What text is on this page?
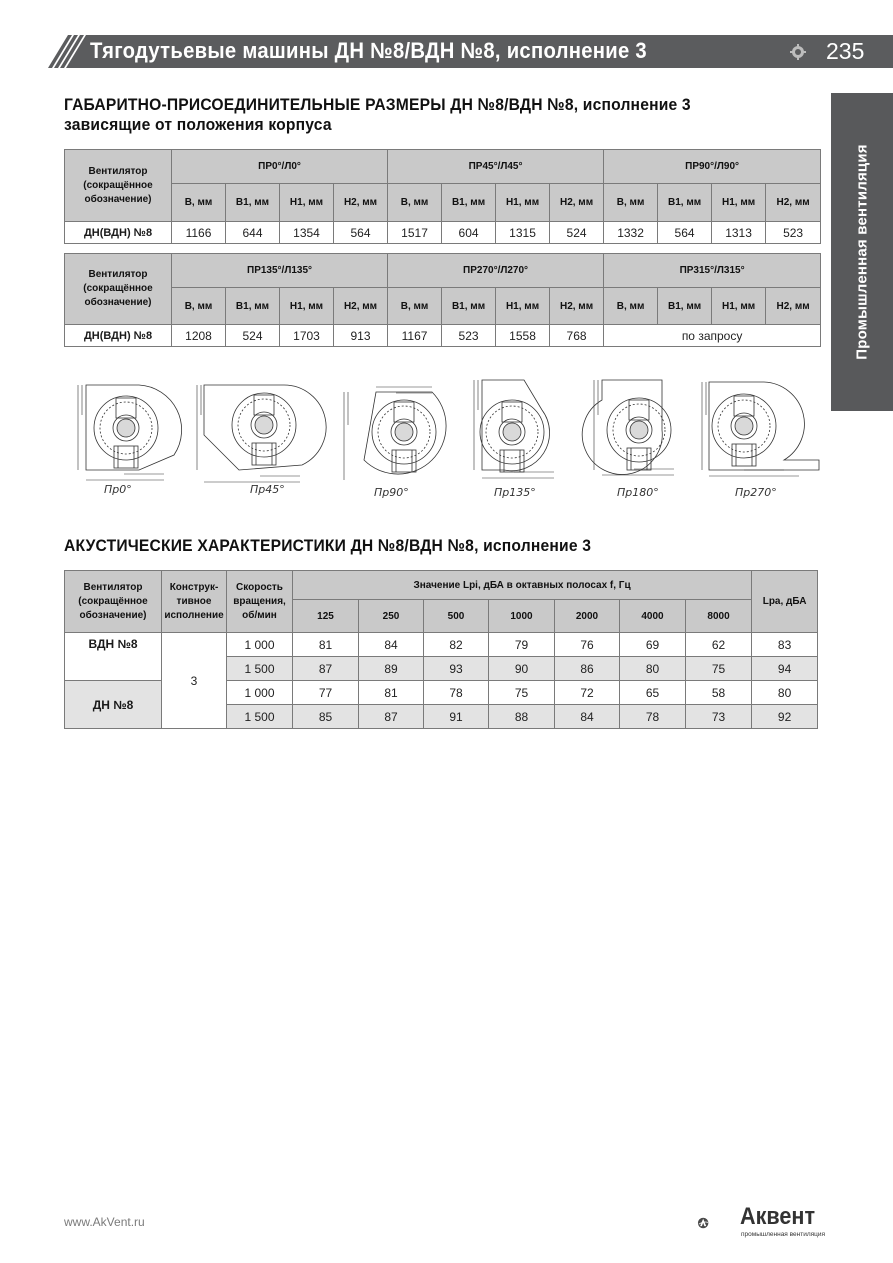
Тягодутьевые машины ДН №8/ВДН №8, исполнение 3	235
Промышленная вентиляция
ГАБАРИТНО-ПРИСОЕДИНИТЕЛЬНЫЕ РАЗМЕРЫ ДН №8/ВДН №8, исполнение 3
зависящие от положения корпуса
Вентилятор (сокращённое обозначение)	ПР0°/Л0°				ПР45°/Л45°				ПР90°/Л90°			
	В, мм	В1, мм	Н1, мм	Н2, мм	В, мм	В1, мм	Н1, мм	Н2, мм	В, мм	В1, мм	Н1, мм	Н2, мм
ДН(ВДН) №8	1166	644	1354	564	1517	604	1315	524	1332	564	1313	523
Вентилятор (сокращённое обозначение)	ПР135°/Л135°				ПР270°/Л270°				ПР315°/Л315°			
	В, мм	В1, мм	Н1, мм	Н2, мм	В, мм	В1, мм	Н1, мм	Н2, мм	В, мм	В1, мм	Н1, мм	Н2, мм
ДН(ВДН) №8	1208	524	1703	913	1167	523	1558	768	по запросу			
Пр0°	Пр45°	Пр90°	Пр135°	Пр180°	Пр270°
АКУСТИЧЕСКИЕ ХАРАКТЕРИСТИКИ ДН №8/ВДН №8, исполнение 3
Вентилятор (сокращённое обозначение)	Конструк-тивное исполнение	Скорость вращения, об/мин	Значение Lpi, дБА в октавных полосах f, Гц							Lpa, дБА
			125	250	500	1000	2000	4000	8000	
ВДН №8	3	1 000	81	84	82	79	76	69	62	83
		1 500	87	89	93	90	86	80	75	94
ДН №8		1 000	77	81	78	75	72	65	58	80
		1 500	85	87	91	88	84	78	73	92
www.AkVent.ru	Аквент
промышленная вентиляция
